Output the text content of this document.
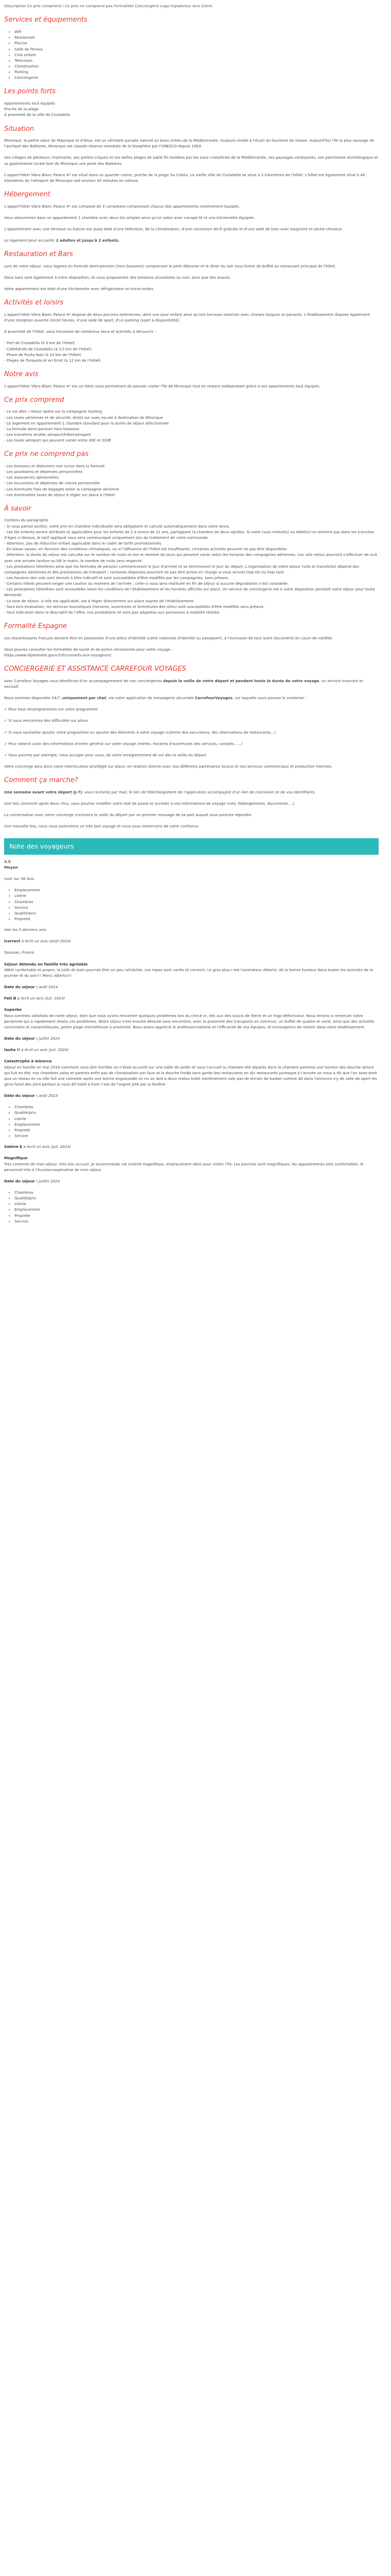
Description Ce prix comprend / Ce prix ne comprend pas Formalités Conciergerie Logo tripadvisor Avis Client
Services et équipements
• Wifi
• Restaurant
• Piscine
• Salle de fitness
• Club enfant
• Télévision
• Climatisation
• Parking
• Conciergerie
Les points forts

Appartements tout équipés

Proche de la plage

À proximité de la ville de Ciutadella

Situation

Minorque, la petite sœur de Majorque et d'Ibiza, est un véritable paradis naturel au beau milieu de la Méditerranée, toujours restée à l'écart du tourisme de masse. Aujourd'hui l'île la plus sauvage de l'archipel des Baléares, Minorque est classée réserve mondiale de la biosphère par l'UNESCO depuis 1993.

Ses villages de pêcheurs charmants, ses petites criques et ses belles plages de sable fin bordées par les eaux cristallines de la Méditerranée, ses paysages verdoyants, son patrimoine archéologique et sa gastronomie locale font de Minorque une perle des Baléares.

L'appart'hôtel Vibra Blanc Palace 4* est situé dans un quartier calme, proche de la plage Sa Caleta. La vieille ville de Ciutadella se situe à 2 kilomètres de l'hôtel. L'hôtel est également situé à 48 kilomètres de l'aéroport de Minorque soit environ 45 minutes en voiture.

Hébergement

L'appart'hôtel Vibra Blanc Palace 4* est composé de 3 complexes comprenant chacun des appartements entièrement équipés.

Vous séjournerez dans un appartement 1 chambre avec deux lits simples ainsi qu'un salon avec canapé-lit et une kitchenette équipée.

L'appartement avec une terrasse ou balcon est aussi doté d'une télévision, de la climatisation, d'une connexion Wi-Fi gratuite et d'une salle de bain avec baignoire et sèche-cheveux.

Le logement peut accueillir 2 adultes et jusqu'à 2 enfants.

Restauration et Bars

Lors de votre séjour, vous logerez en formule demi-pension (hors boissons) comprenant le petit déjeuner et le dîner du soir sous forme de buffet au restaurant principal de l'hôtel.

Deux bars sont également à votre disposition, ils vous proposeront des boissons alcoolisées ou non, ainsi que des snacks.

Votre appartement est doté d'une kitchenette avec réfrigérateur et micro-ondes.

Activités et loisirs

L'appart'hôtel Vibra Blanc Palace 4* dispose de deux piscines extérieures, dont une pour enfant ainsi qu'une terrasse solarium avec chaises longues et parasols. L'établissement dispose également d'une réception ouverte 24/24 heures, d'une salle de sport, d'un parking (sujet à disponibilité).

À proximité de l'hôtel, vous trouverez de nombreux lieux et activités à découvrir :

- Port de Ciutadella (à 3 km de l'hôtel)

- Cathédrale de Ciutadella (à 3,5 km de l'hôtel)

- Phare de Punta Nati (à 10 km de l'hôtel)

- Plages de Turqueta et en Errot (à 12 km de l'hôtel)

Notre avis

L'appart'hôtel Vibra Blanc Palace 4* est un hôtel vous permettant de pouvoir visiter l'île de Minorque tout en restant indépendant grâce à ses appartements tout équipés.

Ce prix comprend

- Le vol aller / retour opéré sur la compagnie Vueling

- Les taxes aériennes et de sécurité, droits sur avec escale à destination de Minorque

- Le logement en appartement 1 chambre standard pour la durée de séjour sélectionnée

- La formule demi-pension hors boissons

- Les transferts shuttle aéroport/hôtel/aéroport

- Les taxes aéroport qui peuvent varier entre 30€ et 200€

Ce prix ne comprend pas

- Les boissons et déjeuners non inclus dans la formule

- Les pourboires et dépenses personnelles

- Les assurances optionnelles

- Les excursions et dépenses de nature personnelle

- Les éventuels frais de bagages selon la compagnie aérienne

- Les éventuelles taxes de séjour à régler sur place à l'hôtel

À savoir

Contenu du paragraphe

- Si vous partez seul(e), votre prix en chambre individuelle sera obligatoire et calculé automatiquement dans votre devis.

- Les lits enfants seront attribués et applicables pour les enfants de 2 à moins de 12 ans, partageant la chambre de deux adultes. Si votre (vos) enfant(s) ou bébé(s) ne rentrent pas dans les tranches d'âges ci-dessus, le tarif appliqué vous sera communiqué uniquement lors du traitement de votre commande.

- Attention, pas de réduction enfant applicable dans le cadre de tarifs promotionnels.

- En basse saison, en fonction des conditions climatiques, ou si l'affluence de l'hôtel est insuffisante, certaines activités peuvent ne pas être disponibles.

- Attention, la durée du séjour est calculée sur le nombre de nuits et non le nombre de jours qui peuvent varier selon les horaires des compagnies aériennes. Les vols retour pourront s'effectuer de nuit avec une arrivée tardive ou tôt le matin, le nombre de nuits sera respecté.

- Les prestations hôtelières ainsi que les formules de pension commenceront le jour d'arrivée et se termineront le jour du départ. L'organisation de votre séjour (vols et transferts) dépend des compagnies aériennes et des prestataires de transport ; certaines dépenses pourront ne pas être prises en charge si vous arrivez trop tôt ou trop tard.

- Les horaires des vols sont donnés à titre indicatif et sont susceptibles d'être modifiés par les compagnies, sans préavis.

- Certains hôtels peuvent exiger une caution au moment de l'arrivée ; celle-ci vous sera restituée en fin de séjour si aucune dégradation n'est constatée.

- Les prestations hôtelières sont accessibles selon les conditions de l'établissement et les horaires affichés sur place. Un service de conciergerie est à votre disposition pendant votre séjour pour toute demande.

- La taxe de séjour, si elle est applicable, est à régler directement sur place auprès de l'établissement.

- Seul Avis évaluation, les services touristiques (horaires, ouvertures et fermetures des sites) sont susceptibles d'être modifiés sans préavis.

- Seul Indication dans le descriptif de l'offre, nos prestations ne sont pas adaptées aux personnes à mobilité réduite.

Formalité Espagne

Les ressortissants français doivent être en possession d'une pièce d'identité (carte nationale d'identité ou passeport), à l'exclusion de tout autre document) en cours de validité.

Vous pouvez consulter les formalités de santé et de police nécessaires pour votre voyage :

https://www.diplomatie.gouv.fr/fr/conseils-aux-voyageurs/

CONCIERGERIE ET ASSISTANCE CARREFOUR VOYAGES

Avec Carrefour Voyages vous bénéficiez d'un accompagnement de nos conciergeries depuis la veille de votre départ et pendant toute la durée de votre voyage, un service innovant et exclusif.

Nous sommes disponible 24/7, uniquement par chat, via votre application de messagerie sécurisée CarrefourVoyages, sur laquelle vous pouvez le contacter :

✓ Pour tous renseignements sur votre programme

✓ Si vous rencontrez des difficultés sur place

✓ Si vous souhaitez ajouter votre programme ou ajouter des éléments à votre voyage (comme des excursions, des réservations de restaurants...)

✓ Pour obtenir avoir des informations d'ordre général sur votre voyage (météo, horaires d'ouvertures des services, conseils......)

✓ Vous pourrez par exemple, nous occuper pour vous, de votre enregistrement de vol dès la veille du départ

Votre concierge sera alors votre interlocuteur privilégié sur place, en relation directe avec nos différents partenaires locaux et nos services commerciaux et production internes.

Comment ça marche?

Une semaine avant votre départ (J-7), vous recevrez par mail, le lien de téléchargement de l'application accompagné d'un lien de connexion et de vos identifiants.

Une fois connecté après deux clics, vous pourrez modifier votre mot de passe et accéder à vos informations de voyage (vols, hébergements, documents....).

La conversation avec votre concierge s'activera la veille du départ par un premier message de sa part auquel vous pourrez répondre.

Une nouvelle fois, nous vous souhaitons un très bon voyage et nous vous remercions de votre confiance.

Note des voyageurs

3.5

Moyen

(voir sur 38 Avis

• Emplacement
• Literie
• Chambres
• Service
• Qualité/prix
• Propreté

Voir les 5 derniers avis

lcorrect à écrit un avis (août 2024)

Saussan, France

Séjour détendu en famille très agréable

Hôtel confortable et propre, la salle de bain pourrait être un peu rafraîchie. Les repas sont variés et corrects. Le gros plus c'est l'animateur Alberto: de la bonne humeur dans toutes les activités de la journée et du soir!!! Merci Alberto!!!

Date du séjour : août 2024

Fati B a écrit un avis (juil. 2024)

Superbe

Nous sommes satisfaits de notre séjour, bien que nous ayons rencontré quelques problèmes lors du check-in, liés aux des soucis de literie et un frigo défectueux. Nous tenons à remercier notre personnel qui a rapidement résolu ces problèmes. Notre séjour s'est ensuite déroulé sans encombre, avec la proximité des transports en commun, un buffet de qualité et varié, ainsi que des activités conviviales et rassembleuses, petite plage merveilleuse à proximité. Nous avons apprécié le professionnalisme et l'efficacité de vos équipes, et envisageons de revenir dans votre établissement.

Date du séjour : juillet 2024

laulia M a écrit un avis (juil. 2024)

Catastrophe à minorca

Séjour en famille en mai 2019 comment vous dire horrible on n'était accueilli sur une table de jardin et sous l'accueil la chambre été séparés dans la chambre parental une horreur des douche atroce qui fuit en été, nos chambres sales et parents enfin pas de climatisation par faux et la douche froide sans garde des restaurants en dix restaurants puresque à l'arrivée on nous a dit que l'on avez droit qua un restau en nu elle fait une comédie après une bonne engueulade on nu on doit à deux restau toilet extrêmement sale pas de terrain de basket comme dit dans l'annonce s'y de salle de sport les gens fumé des joint partout je vous dit hotel à fuire c'est de l'argent jeté par la fenêtre

Date du séjour : août 2023

• Chambres
• Qualité/prix
• Literie
• Emplacement
• Propreté
• Service

Sabine E a écrit un avis (juil. 2024)

Magnifique

Très contente de mon séjour, très bon accueil. Je recommande cet endroit magnifique, emplacement idéal pour visiter l'île. Les piscines sont magnifiques, les appartements sont confortables, le personnel très à l'écoute/coopérative de mon séjour.

Date du séjour : juillet 2024

• Chambres
• Qualité/prix
• Literie
• Emplacement
• Propreté
• Service
